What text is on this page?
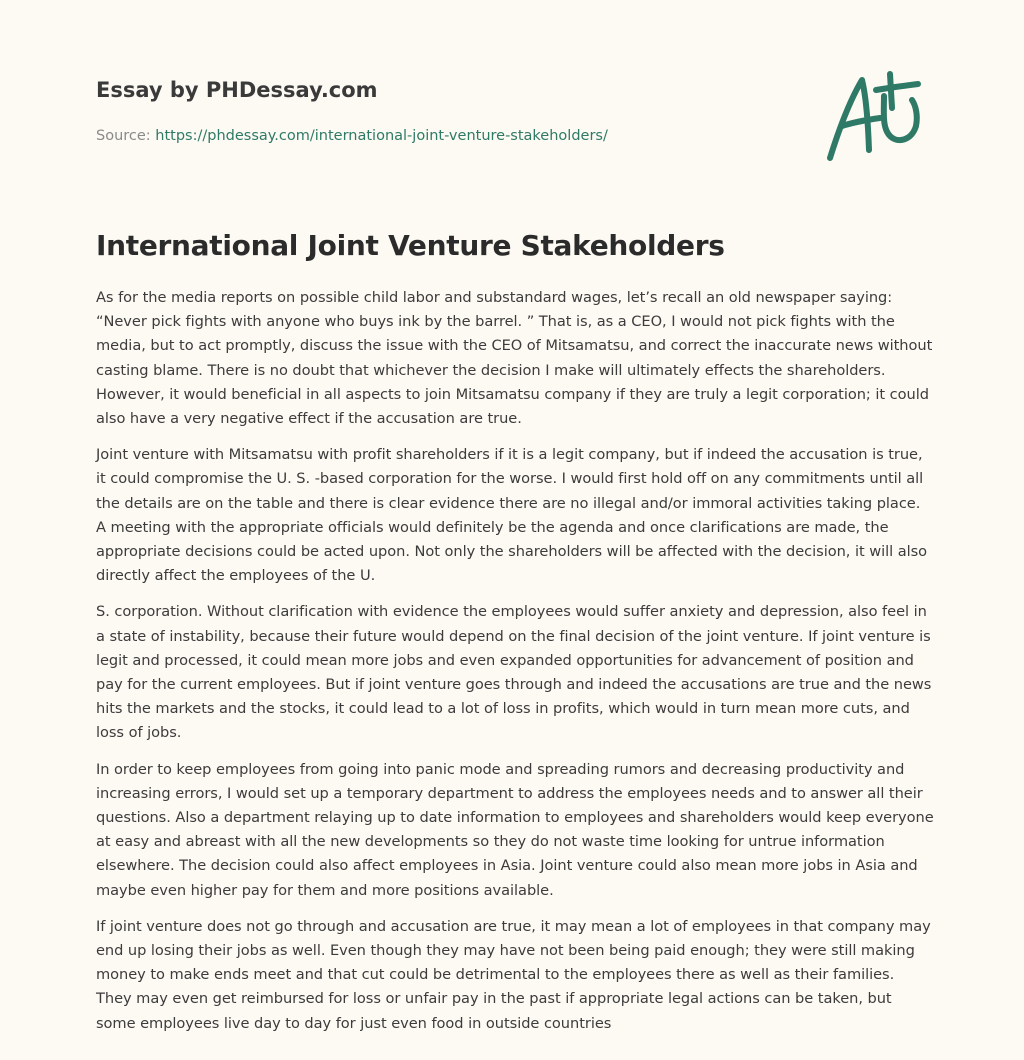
Essay by PHDessay.com
Source: https://phdessay.com/international-joint-venture-stakeholders/
International Joint Venture Stakeholders

As for the media reports on possible child labor and substandard wages, let’s recall an old newspaper saying: “Never pick fights with anyone who buys ink by the barrel. ” That is, as a CEO, I would not pick fights with the media, but to act promptly, discuss the issue with the CEO of Mitsamatsu, and correct the inaccurate news without casting blame. There is no doubt that whichever the decision I make will ultimately effects the shareholders. However, it would beneficial in all aspects to join Mitsamatsu company if they are truly a legit corporation; it could also have a very negative effect if the accusation are true.

Joint venture with Mitsamatsu with profit shareholders if it is a legit company, but if indeed the accusation is true, it could compromise the U. S. -based corporation for the worse. I would first hold off on any commitments until all the details are on the table and there is clear evidence there are no illegal and/or immoral activities taking place. A meeting with the appropriate officials would definitely be the agenda and once clarifications are made, the appropriate decisions could be acted upon. Not only the shareholders will be affected with the decision, it will also directly affect the employees of the U.

S. corporation. Without clarification with evidence the employees would suffer anxiety and depression, also feel in a state of instability, because their future would depend on the final decision of the joint venture. If joint venture is legit and processed, it could mean more jobs and even expanded opportunities for advancement of position and pay for the current employees. But if joint venture goes through and indeed the accusations are true and the news hits the markets and the stocks, it could lead to a lot of loss in profits, which would in turn mean more cuts, and loss of jobs.

In order to keep employees from going into panic mode and spreading rumors and decreasing productivity and increasing errors, I would set up a temporary department to address the employees needs and to answer all their questions. Also a department relaying up to date information to employees and shareholders would keep everyone at easy and abreast with all the new developments so they do not waste time looking for untrue information elsewhere. The decision could also affect employees in Asia. Joint venture could also mean more jobs in Asia and maybe even higher pay for them and more positions available.

If joint venture does not go through and accusation are true, it may mean a lot of employees in that company may end up losing their jobs as well. Even though they may have not been being paid enough; they were still making money to make ends meet and that cut could be detrimental to the employees there as well as their families. They may even get reimbursed for loss or unfair pay in the past if appropriate legal actions can be taken, but some employees live day to day for just even food in outside countries
